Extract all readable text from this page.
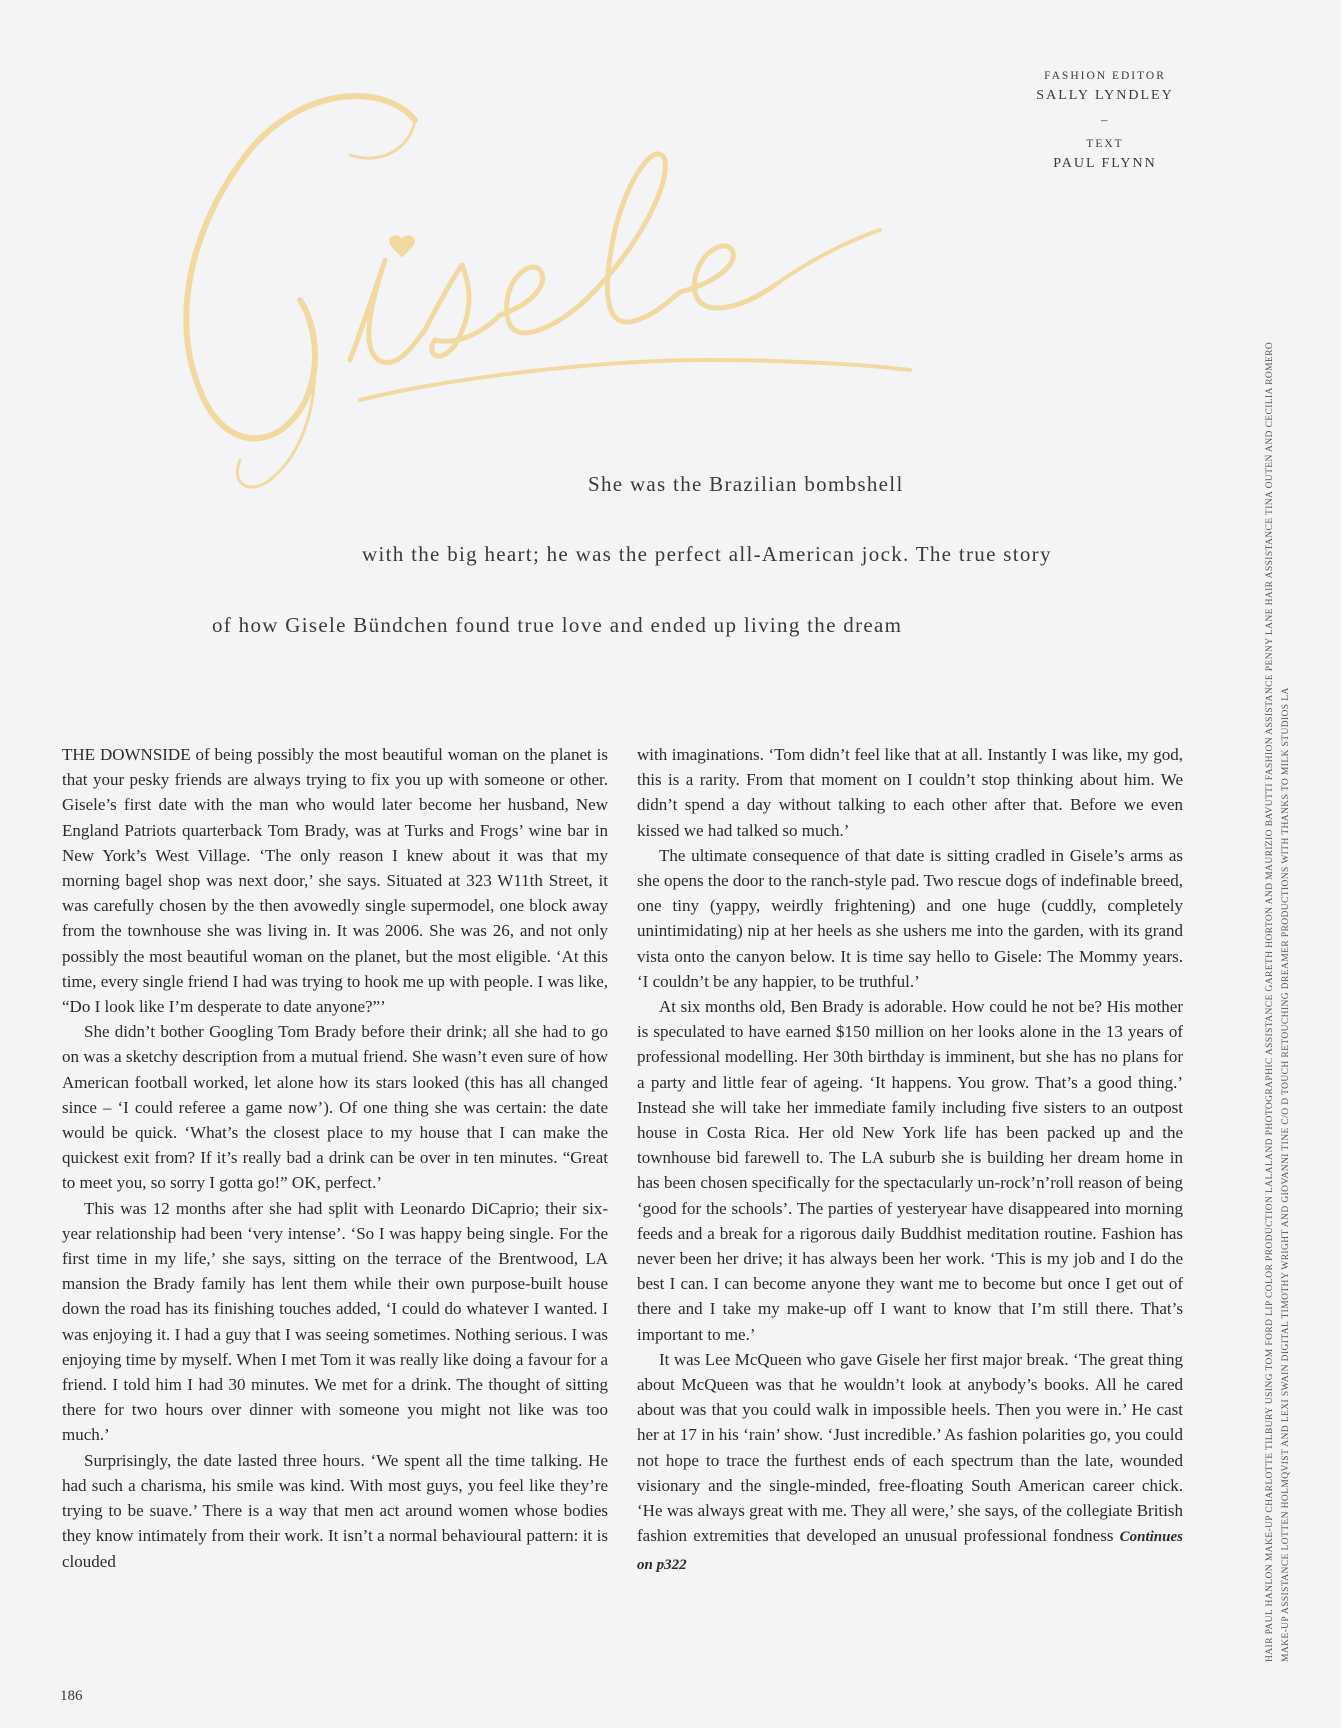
FASHION EDITOR
SALLY LYNDLEY
–
TEXT
PAUL FLYNN
She was the Brazilian bombshell
with the big heart; he was the perfect all-American jock. The true story
of how Gisele Bündchen found true love and ended up living the dream

THE DOWNSIDE of being possibly the most beautiful woman on the planet is that your pesky friends are always trying to fix you up with someone or other. Gisele’s first date with the man who would later become her husband, New England Patriots quarterback Tom Brady, was at Turks and Frogs’ wine bar in New York’s West Village. ‘The only reason I knew about it was that my morning bagel shop was next door,’ she says. Situated at 323 W11th Street, it was carefully chosen by the then avowedly single supermodel, one block away from the townhouse she was living in. It was 2006. She was 26, and not only possibly the most beautiful woman on the planet, but the most eligible. ‘At this time, every single friend I had was trying to hook me up with people. I was like, “Do I look like I’m desperate to date anyone?”’

She didn’t bother Googling Tom Brady before their drink; all she had to go on was a sketchy description from a mutual friend. She wasn’t even sure of how American football worked, let alone how its stars looked (this has all changed since – ‘I could referee a game now’). Of one thing she was certain: the date would be quick. ‘What’s the closest place to my house that I can make the quickest exit from? If it’s really bad a drink can be over in ten minutes. “Great to meet you, so sorry I gotta go!” OK, perfect.’

This was 12 months after she had split with Leonardo DiCaprio; their six-year relationship had been ‘very intense’. ‘So I was happy being single. For the first time in my life,’ she says, sitting on the terrace of the Brentwood, LA mansion the Brady family has lent them while their own purpose-built house down the road has its finishing touches added, ‘I could do whatever I wanted. I was enjoying it. I had a guy that I was seeing sometimes. Nothing serious. I was enjoying time by myself. When I met Tom it was really like doing a favour for a friend. I told him I had 30 minutes. We met for a drink. The thought of sitting there for two hours over dinner with someone you might not like was too much.’

Surprisingly, the date lasted three hours. ‘We spent all the time talking. He had such a charisma, his smile was kind. With most guys, you feel like they’re trying to be suave.’ There is a way that men act around women whose bodies they know intimately from their work. It isn’t a normal behavioural pattern: it is clouded

with imaginations. ‘Tom didn’t feel like that at all. Instantly I was like, my god, this is a rarity. From that moment on I couldn’t stop thinking about him. We didn’t spend a day without talking to each other after that. Before we even kissed we had talked so much.’

The ultimate consequence of that date is sitting cradled in Gisele’s arms as she opens the door to the ranch-style pad. Two rescue dogs of indefinable breed, one tiny (yappy, weirdly frightening) and one huge (cuddly, completely unintimidating) nip at her heels as she ushers me into the garden, with its grand vista onto the canyon below. It is time say hello to Gisele: The Mommy years. ‘I couldn’t be any happier, to be truthful.’

At six months old, Ben Brady is adorable. How could he not be? His mother is speculated to have earned $150 million on her looks alone in the 13 years of professional modelling. Her 30th birthday is imminent, but she has no plans for a party and little fear of ageing. ‘It happens. You grow. That’s a good thing.’ Instead she will take her immediate family including five sisters to an outpost house in Costa Rica. Her old New York life has been packed up and the townhouse bid farewell to. The LA suburb she is building her dream home in has been chosen specifically for the spectacularly un-rock’n’roll reason of being ‘good for the schools’. The parties of yesteryear have disappeared into morning feeds and a break for a rigorous daily Buddhist meditation routine. Fashion has never been her drive; it has always been her work. ‘This is my job and I do the best I can. I can become anyone they want me to become but once I get out of there and I take my make-up off I want to know that I’m still there. That’s important to me.’

It was Lee McQueen who gave Gisele her first major break. ‘The great thing about McQueen was that he wouldn’t look at anybody’s books. All he cared about was that you could walk in impossible heels. Then you were in.’ He cast her at 17 in his ‘rain’ show. ‘Just incredible.’ As fashion polarities go, you could not hope to trace the furthest ends of each spectrum than the late, wounded visionary and the single-minded, free-floating South American career chick. ‘He was always great with me. They all were,’ she says, of the collegiate British fashion extremities that developed an unusual professional fondness Continues on p322	HAIR PAUL HANLON MAKE-UP CHARLOTTE TILBURY USING TOM FORD LIP COLOR PRODUCTION LALALAND PHOTOGRAPHIC ASSISTANCE GARETH HORTON AND MAURIZIO BAVUTTI FASHION ASSISTANCE PENNY LANE HAIR ASSISTANCE TINA OUTEN AND CECILIA ROMERO MAKE-UP ASSISTANCE LOTTEN HOLMQVIST AND LEXI SWAIN DIGITAL TIMOTHY WRIGHT AND GIOVANNI TINE C/O D TOUCH RETOUCHING DREAMER PRODUCTIONS WITH THANKS TO MILK STUDIOS LA
186
